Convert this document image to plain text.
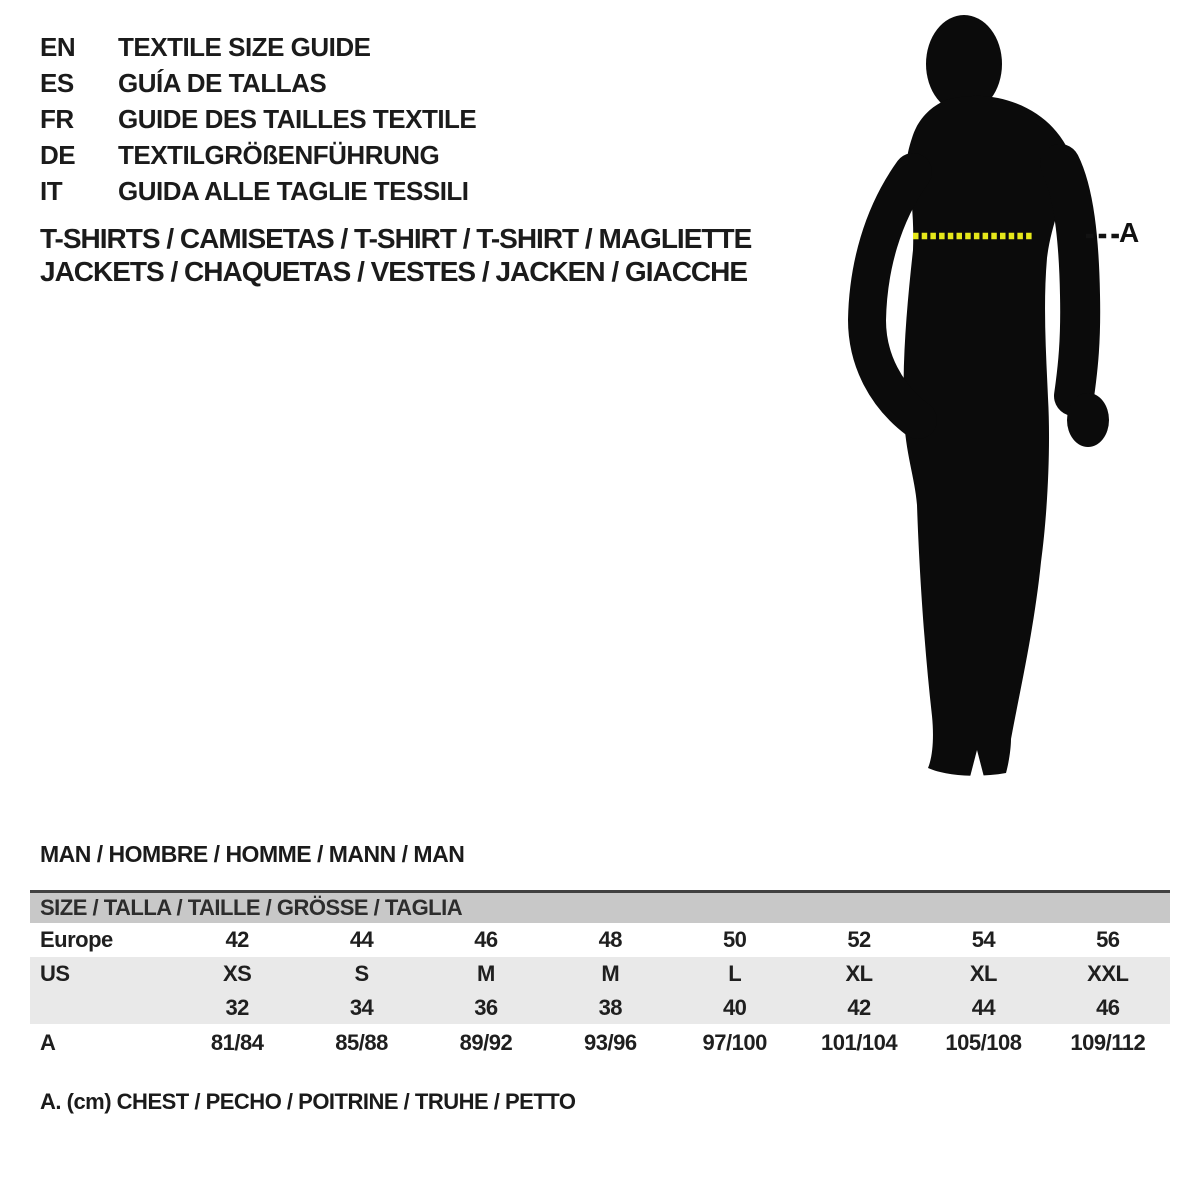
EN	TEXTILE SIZE GUIDE
ES	GUÍA DE TALLAS
FR	GUIDE DES TAILLES TEXTILE
DE	TEXTILGRÖßENFÜHRUNG
IT	GUIDA ALLE TAGLIE TESSILI
T-SHIRTS / CAMISETAS / T-SHIRT / T-SHIRT / MAGLIETTE
JACKETS / CHAQUETAS / VESTES / JACKEN / GIACCHE
A
MAN / HOMBRE / HOMME / MANN / MAN
SIZE / TALLA / TAILLE / GRÖSSE / TAGLIA
Europe	42	44	46	48	50	52	54	56
US	XS	S	M	M	L	XL	XL	XXL
	32	34	36	38	40	42	44	46
A	81/84	85/88	89/92	93/96	97/100	101/104	105/108	109/112

A. (cm) CHEST / PECHO / POITRINE / TRUHE / PETTO
